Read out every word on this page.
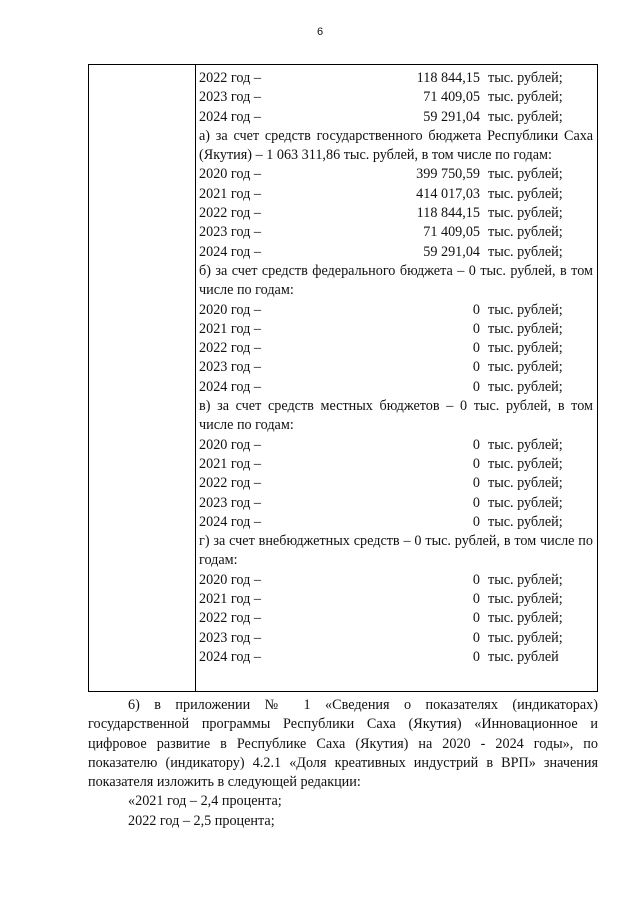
6
2022 год –	118 844,15 тыс. рублей;
2023 год –	71 409,05 тыс. рублей;
2024 год –	59 291,04 тыс. рублей;
а) за счет средств государственного бюджета Республики Саха (Якутия) – 1 063 311,86 тыс. рублей, в том числе по годам:
2020 год –	399 750,59 тыс. рублей;
2021 год –	414 017,03 тыс. рублей;
2022 год –	118 844,15 тыс. рублей;
2023 год –	71 409,05 тыс. рублей;
2024 год –	59 291,04 тыс. рублей;
б) за счет средств федерального бюджета – 0 тыс. рублей, в том числе по годам:
2020 год –	0 тыс. рублей;
2021 год –	0 тыс. рублей;
2022 год –	0 тыс. рублей;
2023 год –	0 тыс. рублей;
2024 год –	0 тыс. рублей;
в) за счет средств местных бюджетов – 0 тыс. рублей, в том числе по годам:
2020 год –	0 тыс. рублей;
2021 год –	0 тыс. рублей;
2022 год –	0 тыс. рублей;
2023 год –	0 тыс. рублей;
2024 год –	0 тыс. рублей;
г) за счет внебюджетных средств – 0 тыс. рублей, в том числе по годам:
2020 год –	0 тыс. рублей;
2021 год –	0 тыс. рублей;
2022 год –	0 тыс. рублей;
2023 год –	0 тыс. рублей;
2024 год –	0 тыс. рублей
6) в приложении № 1 «Сведения о показателях (индикаторах) государственной программы Республики Саха (Якутия) «Инновационное и цифровое развитие в Республике Саха (Якутия) на 2020 - 2024 годы», по показателю (индикатору) 4.2.1 «Доля креативных индустрий в ВРП» значения показателя изложить в следующей редакции:
«2021 год – 2,4 процента;
2022 год – 2,5 процента;
